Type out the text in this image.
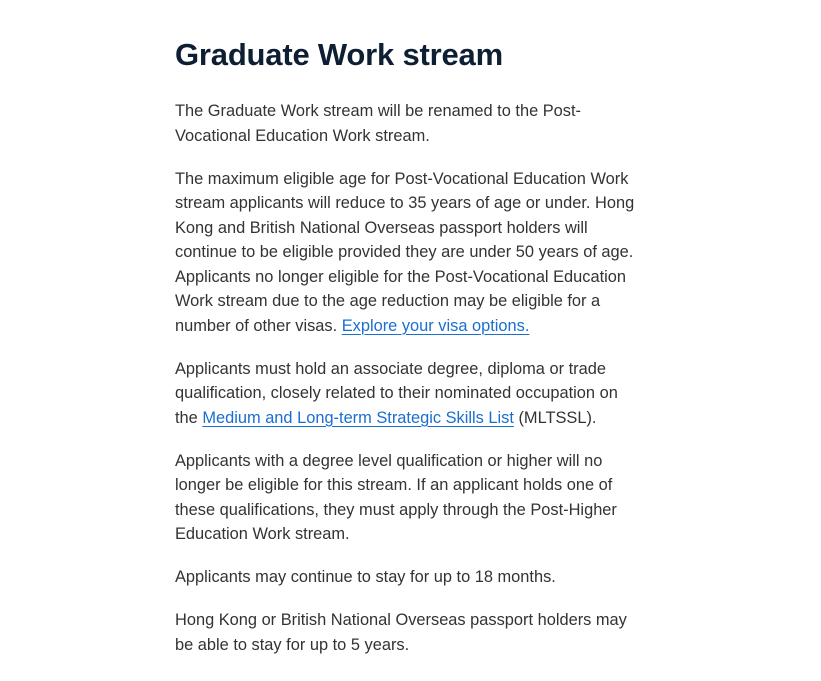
Graduate Work stream

The Graduate Work stream will be renamed to the Post-Vocational Education Work stream.

The maximum eligible age for Post-Vocational Education Work stream applicants will reduce to 35 years of age or under. Hong Kong and British National Overseas passport holders will continue to be eligible provided they are under 50 years of age. Applicants no longer eligible for the Post-Vocational Education Work stream due to the age reduction may be eligible for a number of other visas. Explore your visa options.

Applicants must hold an associate degree, diploma or trade qualification, closely related to their nominated occupation on the Medium and Long-term Strategic Skills List (MLTSSL).

Applicants with a degree level qualification or higher will no longer be eligible for this stream. If an applicant holds one of these qualifications, they must apply through the Post-Higher Education Work stream.

Applicants may continue to stay for up to 18 months.

Hong Kong or British National Overseas passport holders may be able to stay for up to 5 years.
